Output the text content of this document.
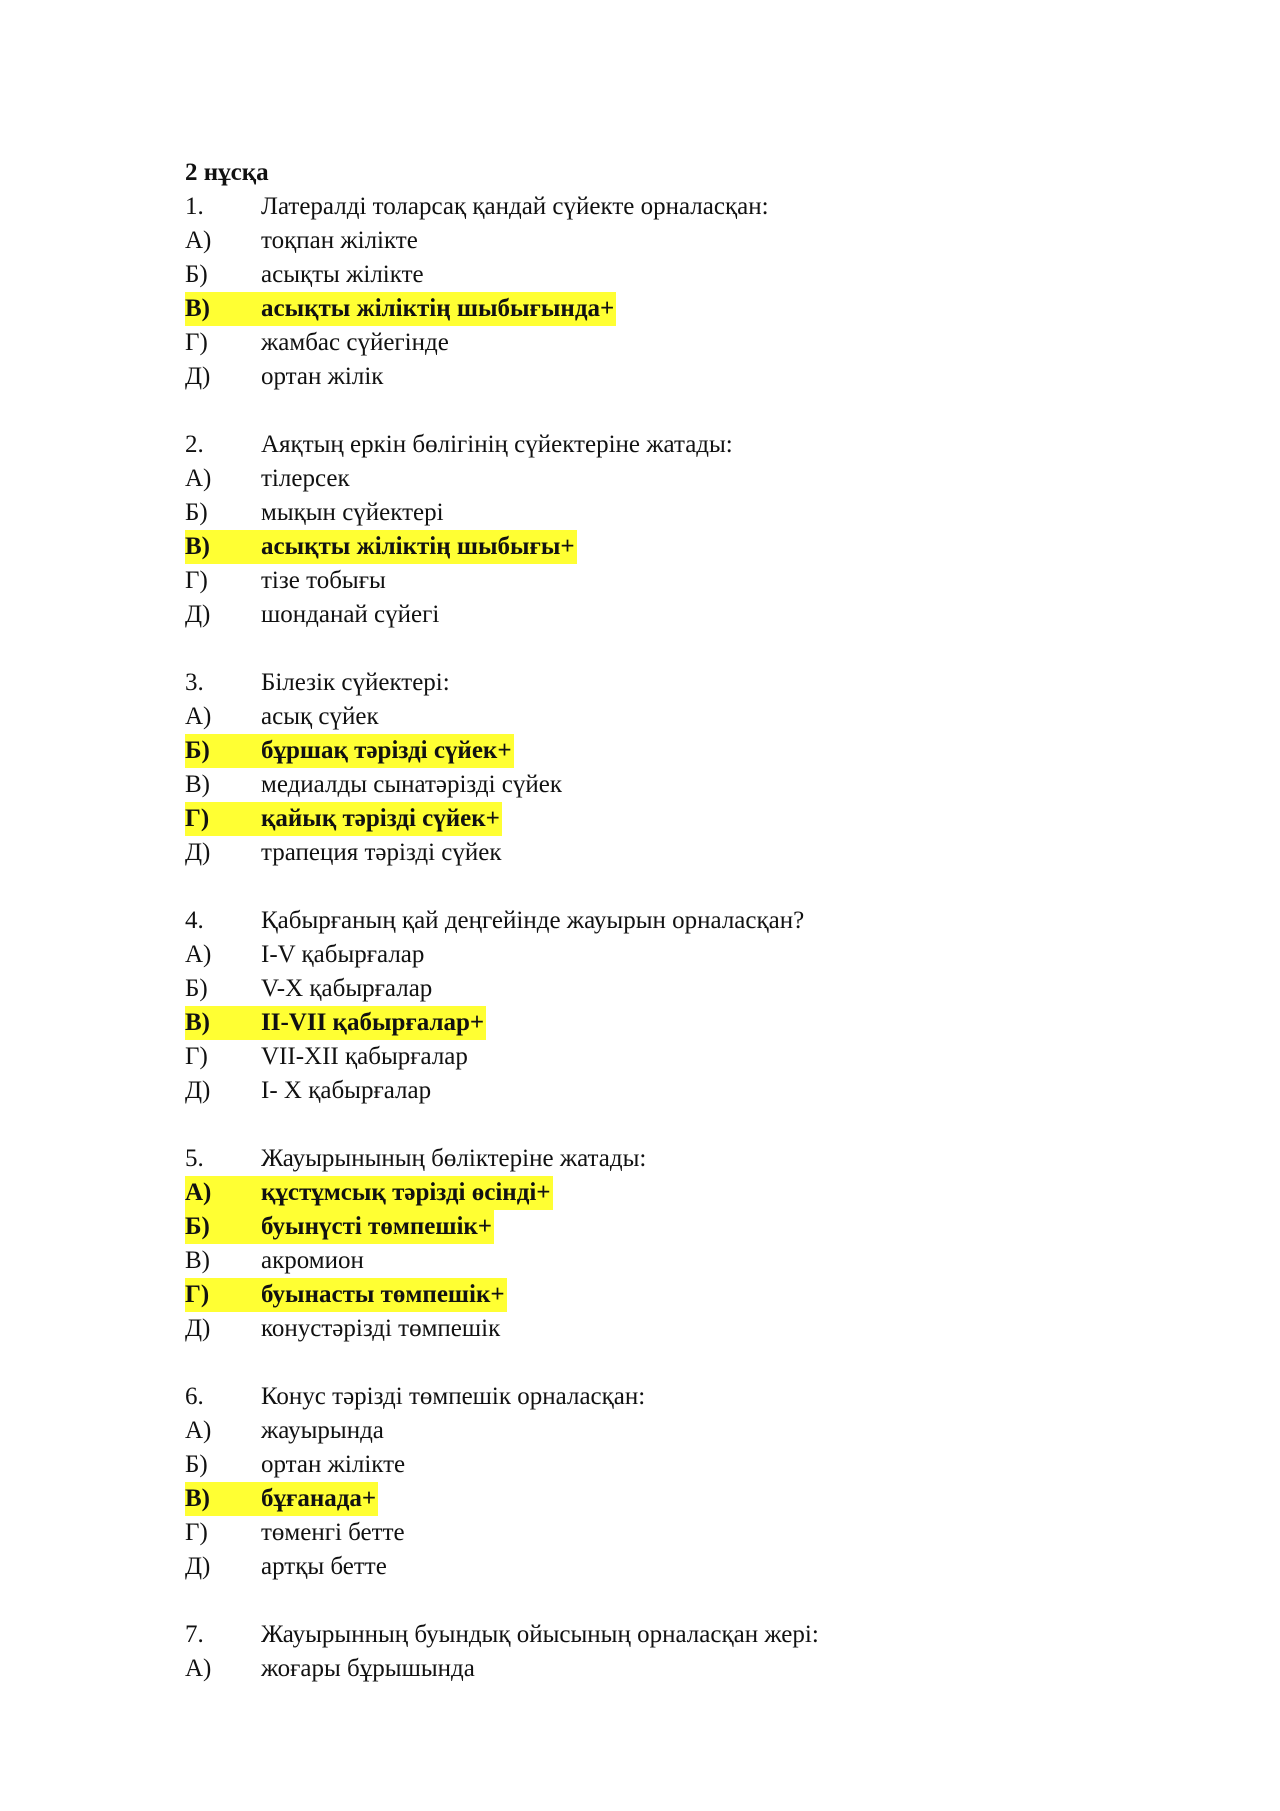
2 нұсқа
1. Латералді толарсақ қандай сүйекте орналасқан:
А) тоқпан жілікте
Б) асықты жілікте
В) асықты жіліктің шыбығында+
Г) жамбас сүйегінде
Д) ортан жілік
2. Аяқтың еркін бөлігінің сүйектеріне жатады:
А) тілерсек
Б) мықын сүйектері
В) асықты жіліктің шыбығы+
Г) тізе тобығы
Д) шонданай сүйегі
3. Білезік сүйектері:
А) асық сүйек
Б) бұршақ тәрізді сүйек+
В) медиалды сынатәрізді сүйек
Г) қайық тәрізді сүйек+
Д) трапеция тәрізді сүйек
4. Қабырғаның қай деңгейінде жауырын орналасқан?
А) I-V қабырғалар
Б) V-X қабырғалар
В) II-VII қабырғалар+
Г) VII-XII қабырғалар
Д) I- X қабырғалар
5. Жауырынының бөліктеріне жатады:
А) құстұмсық тәрізді өсінді+
Б) буынүсті төмпешік+
В) акромион
Г) буынасты төмпешік+
Д) конустәрізді төмпешік
6. Конус тәрізді төмпешік орналасқан:
А) жауырында
Б) ортан жілікте
В) бұғанада+
Г) төменгі бетте
Д) артқы бетте
7. Жауырынның буындық ойысының орналасқан жері:
А) жоғары бұрышында
